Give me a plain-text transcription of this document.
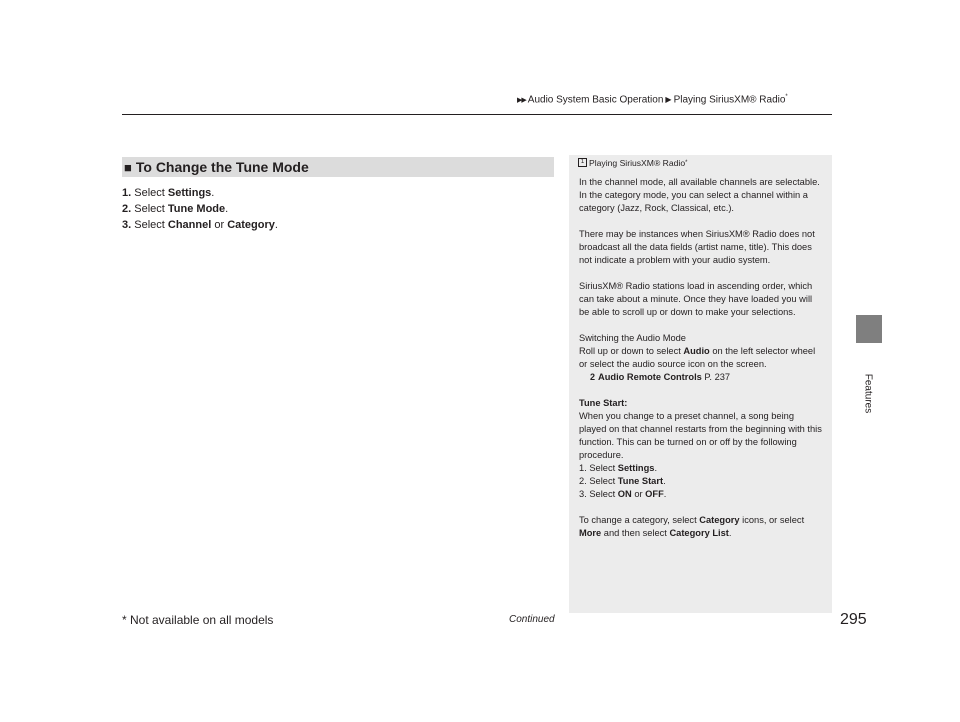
▶▶ Audio System Basic Operation ▶ Playing SiriusXM® Radio*
Features
■ To Change the Tune Mode
1. Select Settings.
2. Select Tune Mode.
3. Select Channel or Category.
1 Playing SiriusXM® Radio *

In the channel mode, all available channels are selectable. In the category mode, you can select a channel within a category (Jazz, Rock, Classical, etc.).

There may be instances when SiriusXM® Radio does not broadcast all the data fields (artist name, title). This does not indicate a problem with your audio system.

SiriusXM® Radio stations load in ascending order, which can take about a minute. Once they have loaded you will be able to scroll up or down to make your selections.

Switching the Audio Mode
Roll up or down to select Audio on the left selector wheel or select the audio source icon on the screen.
2 Audio Remote Controls P. 237

Tune Start:
When you change to a preset channel, a song being played on that channel restarts from the beginning with this function. This can be turned on or off by the following procedure.
1. Select Settings.
2. Select Tune Start.
3. Select ON or OFF.

To change a category, select Category icons, or select More and then select Category List.

* Not available on all models	Continued	295
